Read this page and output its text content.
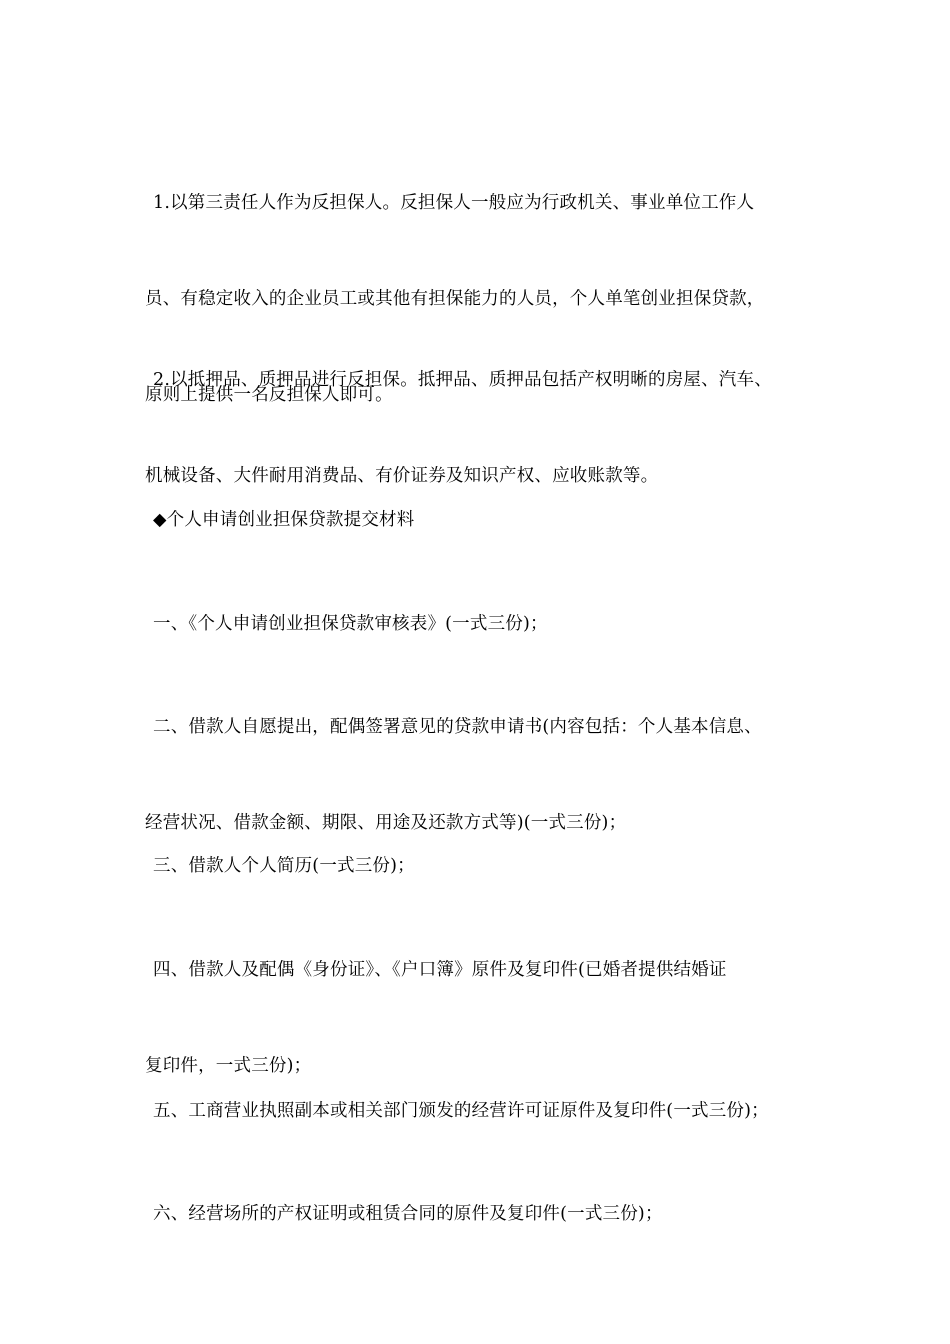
1.以第三责任人作为反担保人。反担保人一般应为行政机关、事业单位工作人

员、有稳定收入的企业员工或其他有担保能力的人员，个人单笔创业担保贷款，

原则上提供一名反担保人即可。

2.以抵押品、质押品进行反担保。抵押品、质押品包括产权明晰的房屋、汽车、

机械设备、大件耐用消费品、有价证券及知识产权、应收账款等。

◆个人申请创业担保贷款提交材料

一、《个人申请创业担保贷款审核表》(一式三份)；

二、借款人自愿提出，配偶签署意见的贷款申请书(内容包括：个人基本信息、

经营状况、借款金额、期限、用途及还款方式等)(一式三份)；

三、借款人个人简历(一式三份)；

四、借款人及配偶《身份证》、《户口簿》原件及复印件(已婚者提供结婚证

复印件，一式三份)；

五、工商营业执照副本或相关部门颁发的经营许可证原件及复印件(一式三份)；

六、经营场所的产权证明或租赁合同的原件及复印件(一式三份)；
